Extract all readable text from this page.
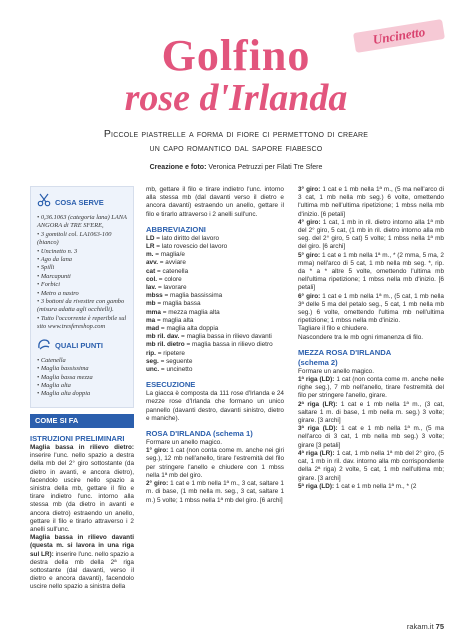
Golfino
rose d'Irlanda
Uncinetto
Piccole piastrelle a forma di fiore ci permettono di creare
un capo romantico dal sapore fiabesco
Creazione e foto: Veronica Petruzzi per Filati Tre Sfere
COSA SERVE
• 0,36.1063 (categoria lana) LANA ANGORA di TRE SFERE,
• 3 gomitoli col. LA1063-100 (bianco)
• Uncinetto n. 3
• Ago da lana
• Spilli
• Marcapunti
• Forbici
• Metro a nastro
• 3 bottoni da rivestire con gambo (misura adatta agli occhielli).
• Tutto l'occorrente è reperibile sul sito www.tresfereshop.com
QUALI PUNTI
• Catenella
• Maglia bassissima
• Maglia bassa mezza
• Maglia alta
• Maglia alta doppia
COME SI FA
ISTRUZIONI PRELIMINARI
Maglia bassa in rilievo dietro: inserire l'unc. nello spazio a destra della mb del 2° giro sottostante (da dietro in avanti, e ancora dietro), facendolo uscire nello spazio a sinistra della mb, gettare il filo e tirare indietro l'unc. intorno alla stessa mb (da dietro in avanti e ancora dietro) estraendo un anello, gettare il filo e tirarlo attraverso i 2 anelli sull'unc.
Maglia bassa in rilievo davanti (questa m. si lavora in una riga sul LR): inserire l'unc. nello spazio a destra della mb della 2ª riga sottostante (dal davanti, verso il dietro e ancora davanti), facendolo uscire nello spazio a sinistra della
mb, gettare il filo e tirare indietro l'unc. intorno alla stessa mb (dal davanti verso il dietro e ancora davanti) estraendo un anello, gettare il filo e tirarlo attraverso i 2 anelli sull'unc.
ABBREVIAZIONI
LD = lato diritto del lavoro
LR = lato rovescio del lavoro
m. = maglia/e
avv. = avviare
cat = catenella
col. = colore
lav. = lavorare
mbss = maglia bassissima
mb = maglia bassa
mma = mezza maglia alta
ma = maglia alta
mad = maglia alta doppia
mb ril. dav. = maglia bassa in rilievo davanti
mb ril. dietro = maglia bassa in rilievo dietro
rip. = ripetere
seg. = seguente
unc. = uncinetto
ESECUZIONE
La giacca è composta da 111 rose d'Irlanda e 24 mezze rose d'Irlanda che formano un unico pannello (davanti destro, davanti sinistro, dietro e maniche).
ROSA D'IRLANDA (schema 1)
Formare un anello magico.
1° giro: 1 cat (non conta come m. anche nei giri seg.), 12 mb nell'anello, tirare l'estremità del filo per stringere l'anello e chiudere con 1 mbss nella 1ª mb del giro.
2° giro: 1 cat e 1 mb nella 1ª m., 3 cat, saltare 1 m. di base, (1 mb nella m. seg., 3 cat, saltare 1 m.) 5 volte; 1 mbss nella 1ª mb del giro. [6 archi]
3° giro: 1 cat e 1 mb nella 1ª m., (5 ma nell'arco di 3 cat, 1 mb nella mb seg.) 6 volte, omettendo l'ultima mb nell'ultima ripetizione; 1 mbss nella mb d'inizio. [6 petali]
4° giro: 1 cat, 1 mb in ril. dietro intorno alla 1ª mb del 2° giro, 5 cat, (1 mb in ril. dietro intorno alla mb seg. del 2° giro, 5 cat) 5 volte; 1 mbss nella 1ª mb del giro. [6 archi]
5° giro: 1 cat e 1 mb nella 1ª m., * (2 mma, 5 ma, 2 mma) nell'arco di 5 cat, 1 mb nella mb seg. *, rip. da * a * altre 5 volte, omettendo l'ultima mb nell'ultima ripetizione; 1 mbss nella mb d'inizio. [6 petali]
6° giro: 1 cat e 1 mb nella 1ª m., (5 cat, 1 mb nella 3ª delle 5 ma del petalo seg., 5 cat, 1 mb nella mb seg.) 6 volte, omettendo l'ultima mb nell'ultima ripetizione; 1 mbss nella mb d'inizio.
Tagliare il filo e chiudere.
Nascondere tra le mb ogni rimanenza di filo.
MEZZA ROSA D'IRLANDA
(schema 2)
Formare un anello magico.
1ª riga (LD): 1 cat (non conta come m. anche nelle righe seg.), 7 mb nell'anello, tirare l'estremità del filo per stringere l'anello, girare.
2ª riga (LR): 1 cat e 1 mb nella 1ª m., (3 cat, saltare 1 m. di base, 1 mb nella m. seg.) 3 volte; girare. [3 archi]
3ª riga (LD): 1 cat e 1 mb nella 1ª m., (5 ma nell'arco di 3 cat, 1 mb nella mb seg.) 3 volte; girare [3 petali]
4ª riga (LR): 1 cat, 1 mb nella 1ª mb del 2° giro, (5 cat, 1 mb in ril. dav. intorno alla mb corrispondente della 2ª riga) 2 volte, 5 cat, 1 mb nell'ultima mb; girare. [3 archi]
5ª riga (LD): 1 cat e 1 mb nella 1ª m., * (2
rakam.it 75
